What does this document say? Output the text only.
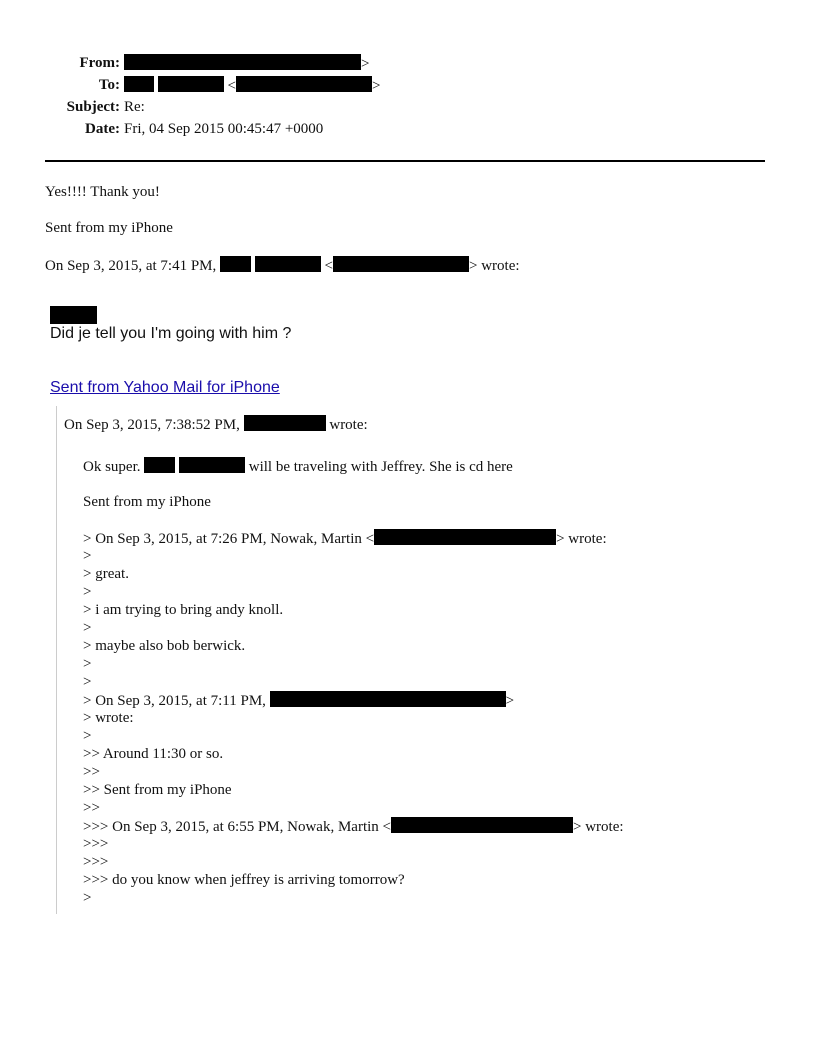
From:	>
To:	<	>
Subject: Re:
Date: Fri, 04 Sep 2015 00:45:47 +0000
Yes!!!! Thank you!
Sent from my iPhone
On Sep 3, 2015, at 7:41 PM,	<	> wrote:
Did je tell you I'm going with him ?
Sent from Yahoo Mail for iPhone
On Sep 3, 2015, 7:38:52 PM,	wrote:
Ok super.	will be traveling with Jeffrey. She is cd here
Sent from my iPhone
> On Sep 3, 2015, at 7:26 PM, Nowak, Martin <	> wrote:
>
> great.
>
> i am trying to bring andy knoll.
>
> maybe also bob berwick.
>
>
> On Sep 3, 2015, at 7:11 PM,	>
> wrote:
>
>> Around 11:30 or so.
>>
>> Sent from my iPhone
>>
>>> On Sep 3, 2015, at 6:55 PM, Nowak, Martin <	> wrote:
>>>
>>>
>>> do you know when jeffrey is arriving tomorrow?
>
